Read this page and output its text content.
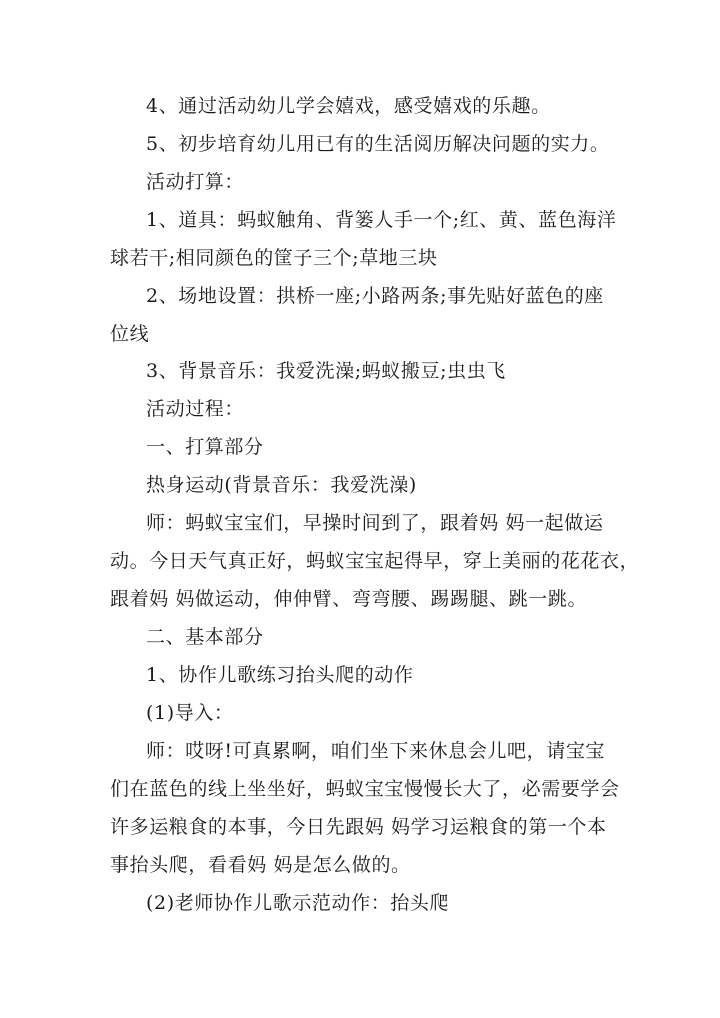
4、通过活动幼儿学会嬉戏，感受嬉戏的乐趣。
5、初步培育幼儿用已有的生活阅历解决问题的实力。
活动打算：
1、道具：蚂蚁触角、背篓人手一个;红、黄、蓝色海洋
球若干;相同颜色的筐子三个;草地三块
2、场地设置：拱桥一座;小路两条;事先贴好蓝色的座
位线
3、背景音乐：我爱洗澡;蚂蚁搬豆;虫虫飞
活动过程：
一、打算部分
热身运动(背景音乐：我爱洗澡)
师：蚂蚁宝宝们，早操时间到了，跟着妈 妈一起做运
动。今日天气真正好，蚂蚁宝宝起得早，穿上美丽的花花衣，
跟着妈 妈做运动，伸伸臂、弯弯腰、踢踢腿、跳一跳。
二、基本部分
1、协作儿歌练习抬头爬的动作
(1)导入：
师：哎呀!可真累啊，咱们坐下来休息会儿吧，请宝宝
们在蓝色的线上坐坐好，蚂蚁宝宝慢慢长大了，必需要学会
许多运粮食的本事，今日先跟妈 妈学习运粮食的第一个本
事抬头爬，看看妈 妈是怎么做的。
(2)老师协作儿歌示范动作：抬头爬
